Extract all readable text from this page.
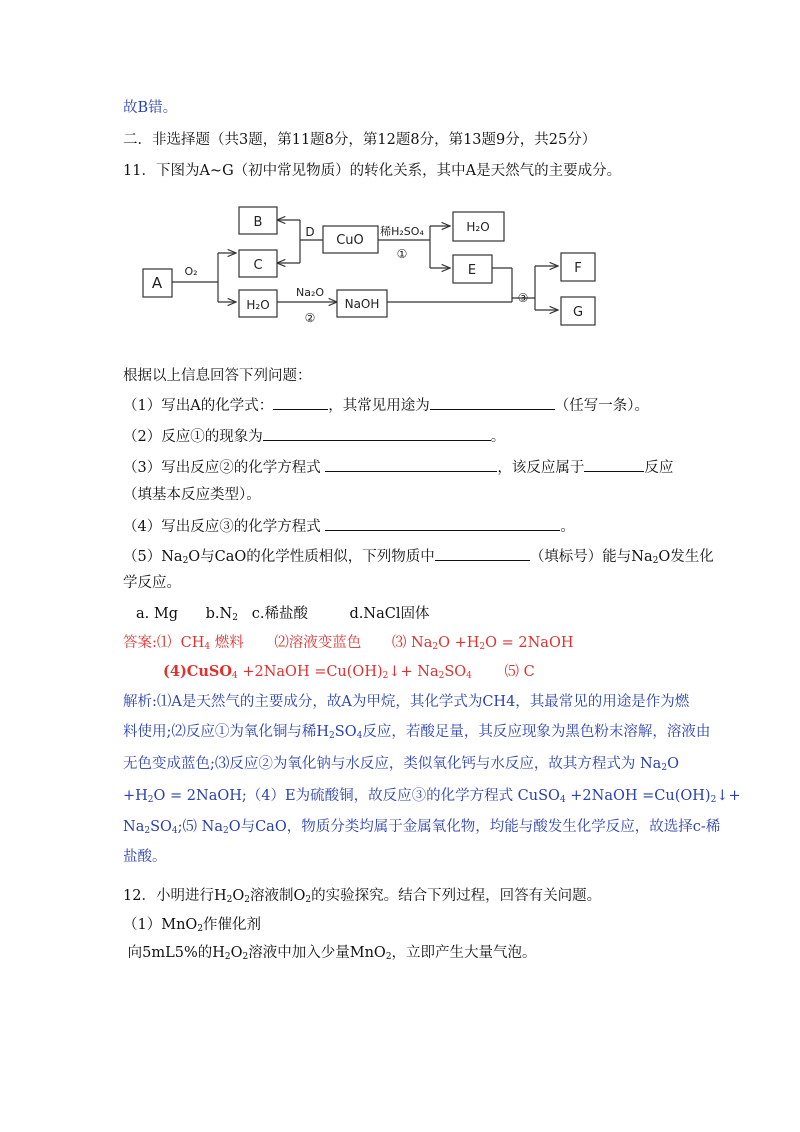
故B错。
二．非选择题（共3题，第11题8分，第12题8分，第13题9分，共25分）
11．下图为A~G（初中常见物质）的转化关系，其中A是天然气的主要成分。
A
B
C
CuO
H₂O
E	F
G
H₂O	NaOH
O₂
D	稀H₂SO₄
①
Na₂O
②
③
根据以上信息回答下列问题：
（1）写出A的化学式：	，其常见用途为	（任写一条）。
（2）反应①的现象为	。
（3）写出反应②的化学方程式	，该反应属于	反应
（填基本反应类型）。
（4）写出反应③的化学方程式	。
$(5)Na_2O$与CaO的化学性质相似，下列物质中	（填标号）能与$Na_2O$发生化
学反应。
a. Mg      $b.N_2$   c.稀盐酸         d.NaCl固体
答案:⑴  $CH_4$ 燃料 ⑵溶液变蓝色 ⑶ $Na_2O +H_2O$ = 2NaOH
(4)CuSO$_4$ +2NaOH $=Cu(OH)_2↓+ Na_2SO_4$ ⑸ C
解析:⑴A是天然气的主要成分，故A为甲烷，其化学式为CH4，其最常见的用途是作为燃
料使用;⑵反应①为氧化铜与稀$H_2SO_4$反应，若酸足量，其反应现象为黑色粉末溶解，溶液由
无色变成蓝色;⑶反应②为氧化钠与水反应，类似氧化钙与水反应，故其方程式为 $Na_2O$
$+H_2O$ = 2NaOH;（4）E为硫酸铜，故反应③的化学方程式 CuSO$_4$ +2NaOH $=Cu(OH)_2↓+$
$Na_2SO_4;⑸$ $Na_2O$与CaO，物质分类均属于金属氧化物，均能与酸发生化学反应，故选择c-稀
盐酸。
12．小明进行$H_2O_2$溶液制$O_2$的实验探究。结合下列过程，回答有关问题。
（1）MnO$_2$作催化剂
向5mL5%的$H_2O_2$溶液中加入少量MnO$_2$，立即产生大量气泡。
